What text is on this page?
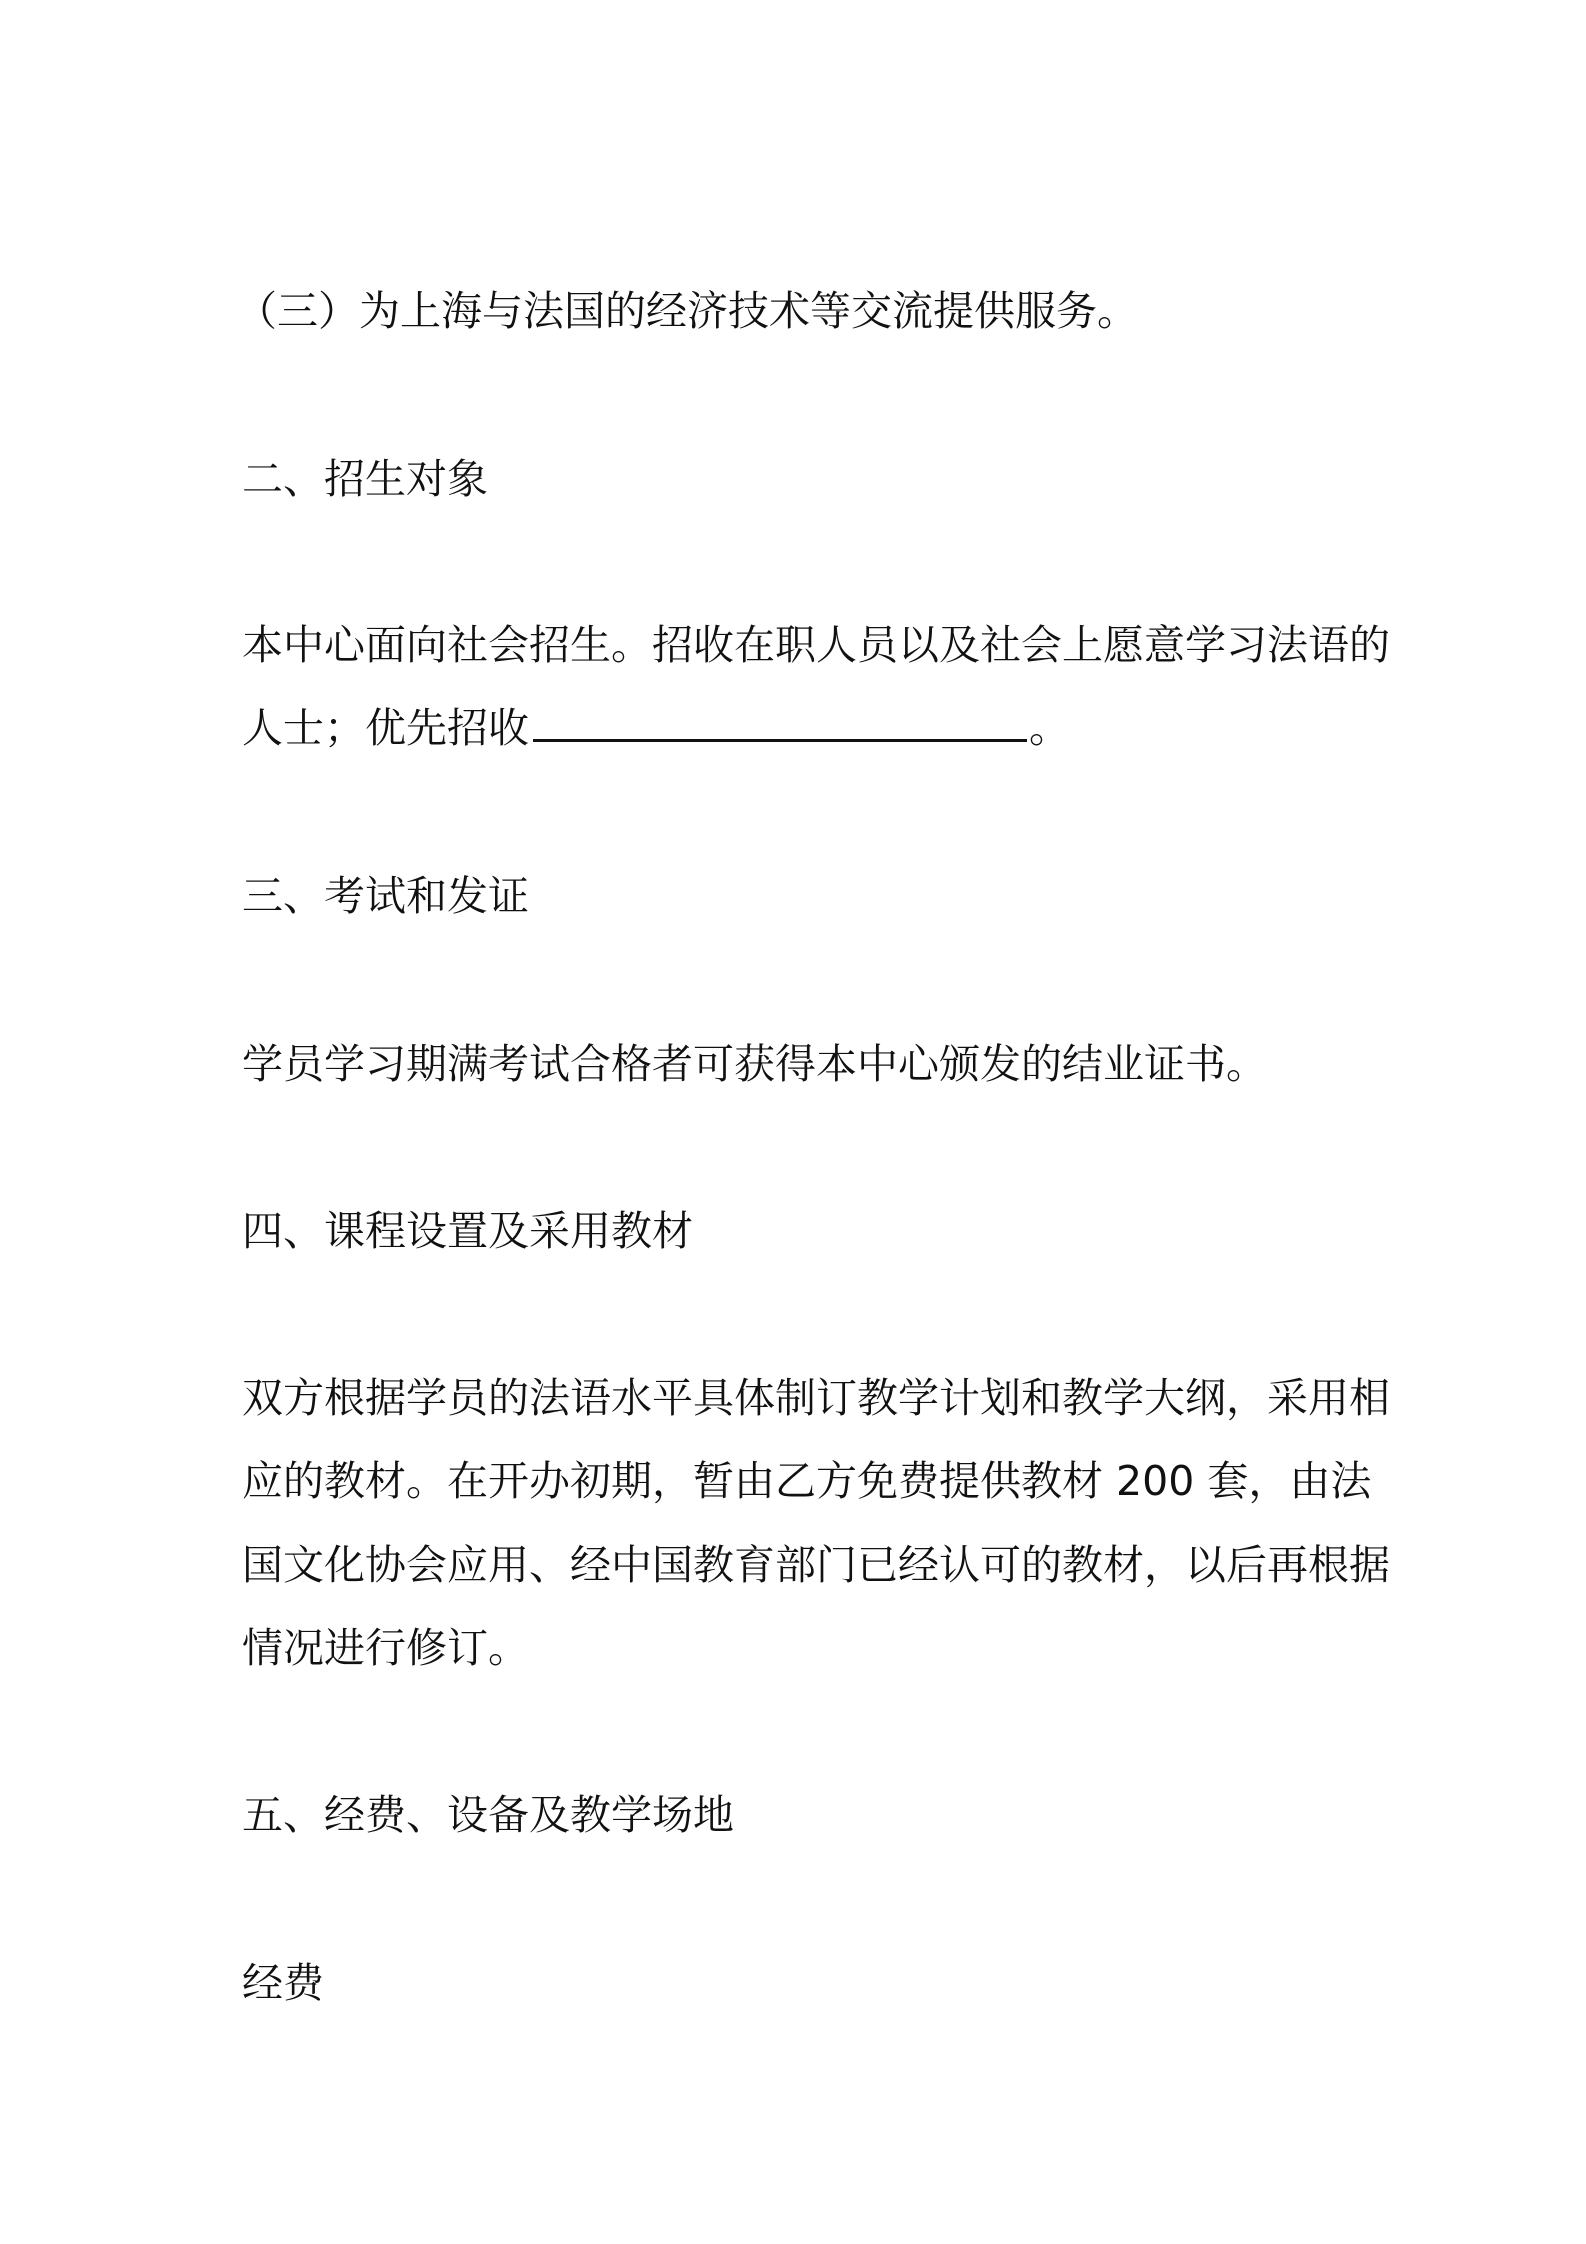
（三）为上海与法国的经济技术等交流提供服务。
二、招生对象
本中心面向社会招生。招收在职人员以及社会上愿意学习法语的
人士；优先招收	。
三、考试和发证
学员学习期满考试合格者可获得本中心颁发的结业证书。
四、课程设置及采用教材
双方根据学员的法语水平具体制订教学计划和教学大纲，采用相
应的教材。在开办初期，暂由乙方免费提供教材 200 套，由法
国文化协会应用、经中国教育部门已经认可的教材，以后再根据
情况进行修订。
五、经费、设备及教学场地
经费
